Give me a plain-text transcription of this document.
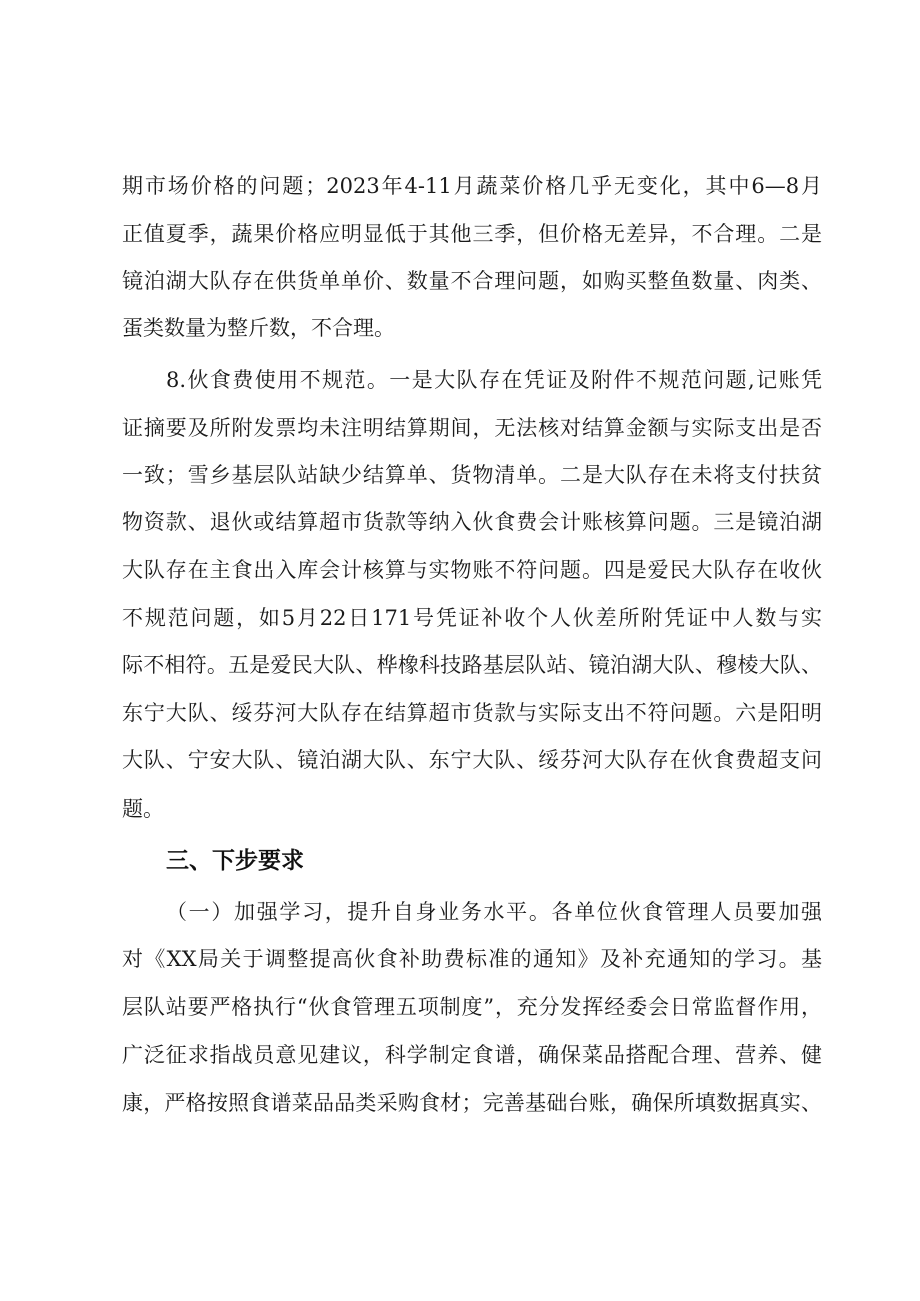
期市场价格的问题；2023年4-11月蔬菜价格几乎无变化，其中6—8月
正值夏季，蔬果价格应明显低于其他三季，但价格无差异，不合理。二是
镜泊湖大队存在供货单单价、数量不合理问题，如购买整鱼数量、肉类、
蛋类数量为整斤数，不合理。
8.伙食费使用不规范。一是大队存在凭证及附件不规范问题,记账凭
证摘要及所附发票均未注明结算期间，无法核对结算金额与实际支出是否
一致；雪乡基层队站缺少结算单、货物清单。二是大队存在未将支付扶贫
物资款、退伙或结算超市货款等纳入伙食费会计账核算问题。三是镜泊湖
大队存在主食出入库会计核算与实物账不符问题。四是爱民大队存在收伙
不规范问题，如5月22日171号凭证补收个人伙差所附凭证中人数与实
际不相符。五是爱民大队、桦橡科技路基层队站、镜泊湖大队、穆棱大队、
东宁大队、绥芬河大队存在结算超市货款与实际支出不符问题。六是阳明
大队、宁安大队、镜泊湖大队、东宁大队、绥芬河大队存在伙食费超支问
题。
三、下步要求
（一）加强学习，提升自身业务水平。各单位伙食管理人员要加强
对《XX局关于调整提高伙食补助费标准的通知》及补充通知的学习。基
层队站要严格执行“伙食管理五项制度”，充分发挥经委会日常监督作用，
广泛征求指战员意见建议，科学制定食谱，确保菜品搭配合理、营养、健
康，严格按照食谱菜品品类采购食材；完善基础台账，确保所填数据真实、
